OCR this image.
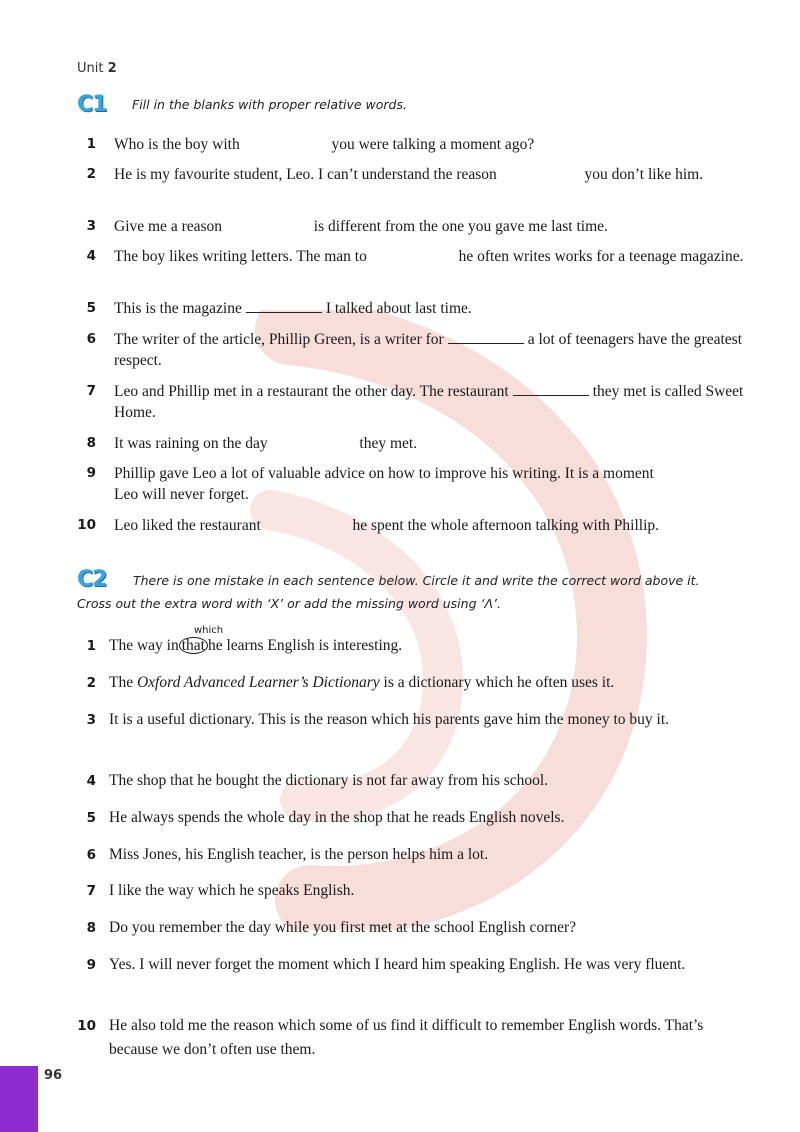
Unit 2
C1	Fill in the blanks with proper relative words.
1 Who is the boy with	you were talking a moment ago?
2 He is my favourite student, Leo. I can’t understand the reason	you don’t like him.
3 Give me a reason	is different from the one you gave me last time.
4 The boy likes writing letters. The man to	he often writes works for a teenage magazine.
5 This is the magazine	I talked about last time.
6 The writer of the article, Phillip Green, is a writer for	a lot of teenagers have the greatest respect.
7 Leo and Phillip met in a restaurant the other day. The restaurant	they met is called Sweet Home.
8 It was raining on the day	they met.
9 Phillip gave Leo a lot of valuable advice on how to improve his writing. It is a moment  Leo will never forget.
10 Leo liked the restaurant	he spent the whole afternoon talking with Phillip.
C2	There is one mistake in each sentence below. Circle it and write the correct word above it.
Cross out the extra word with ‘X’ or add the missing word using ‘Λ’.
which
1 The way in that he learns English is interesting.
2 The Oxford Advanced Learner’s Dictionary is a dictionary which he often uses it.
3 It is a useful dictionary. This is the reason which his parents gave him the money to buy it.
4 The shop that he bought the dictionary is not far away from his school.
5 He always spends the whole day in the shop that he reads English novels.
6 Miss Jones, his English teacher, is the person helps him a lot.
7 I like the way which he speaks English.
8 Do you remember the day while you first met at the school English corner?
9 Yes. I will never forget the moment which I heard him speaking English. He was very fluent.
10 He also told me the reason which some of us find it difficult to remember English words. That’s because we don’t often use them.
96
